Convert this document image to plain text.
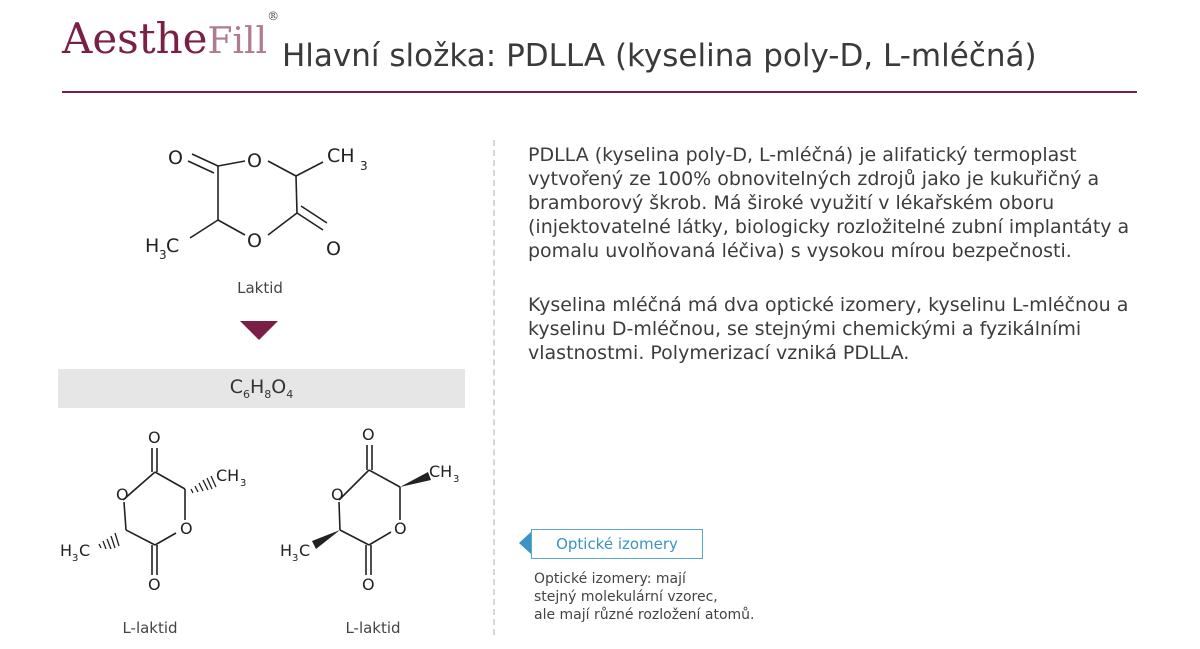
AestheFill®
Hlavní složka: PDLLA (kyselina poly-D, L-mléčná)
O	O
O	O
CH 3
H 3 C
O
O
O
O
CH 3
H 3 C
O
O
O
O
CH 3
H 3 C
Laktid
$C_6H_8O_4$
L-laktid	L-laktid
PDLLA (kyselina poly-D, L-mléčná) je alifatický termoplast vytvořený ze 100% obnovitelných zdrojů jako je kukuřičný a bramborový škrob. Má široké využití v lékařském oboru (injektovatelné látky, biologicky rozložitelné zubní implantáty a pomalu uvolňovaná léčiva) s vysokou mírou bezpečnosti.
Kyselina mléčná má dva optické izomery, kyselinu L-mléčnou a kyselinu D-mléčnou, se stejnými chemickými a fyzikálními vlastnostmi. Polymerizací vzniká PDLLA.
Optické izomery
Optické izomery: mají
stejný molekulární vzorec,
ale mají různé rozložení atomů.
